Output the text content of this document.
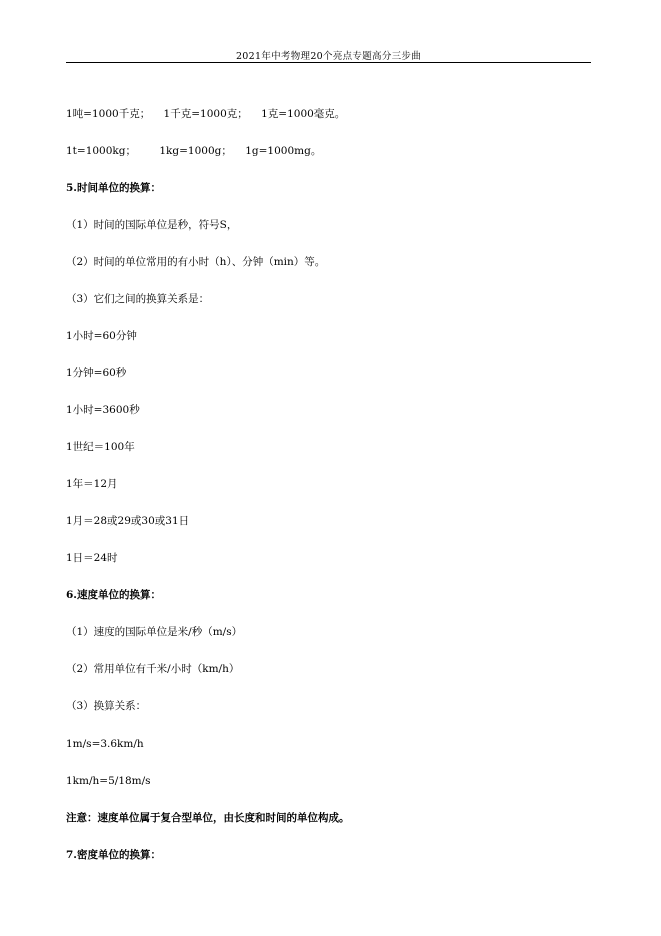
2021年中考物理20个亮点专题高分三步曲
1吨=1000千克；    1千克=1000克；    1克=1000毫克。
1t=1000kg；       1kg=1000g；    1g=1000mg。
5.时间单位的换算：
（1）时间的国际单位是秒，符号S，
（2）时间的单位常用的有小时（h）、分钟（min）等。
（3）它们之间的换算关系是：
1小时=60分钟
1分钟=60秒
1小时=3600秒
1世纪＝100年
1年＝12月
1月＝28或29或30或31日
1日＝24时
6.速度单位的换算：
（1）速度的国际单位是米/秒（m/s）
（2）常用单位有千米/小时（km/h）
（3）换算关系：
1m/s=3.6km/h
1km/h=5/18m/s
注意：速度单位属于复合型单位，由长度和时间的单位构成。
7.密度单位的换算：
